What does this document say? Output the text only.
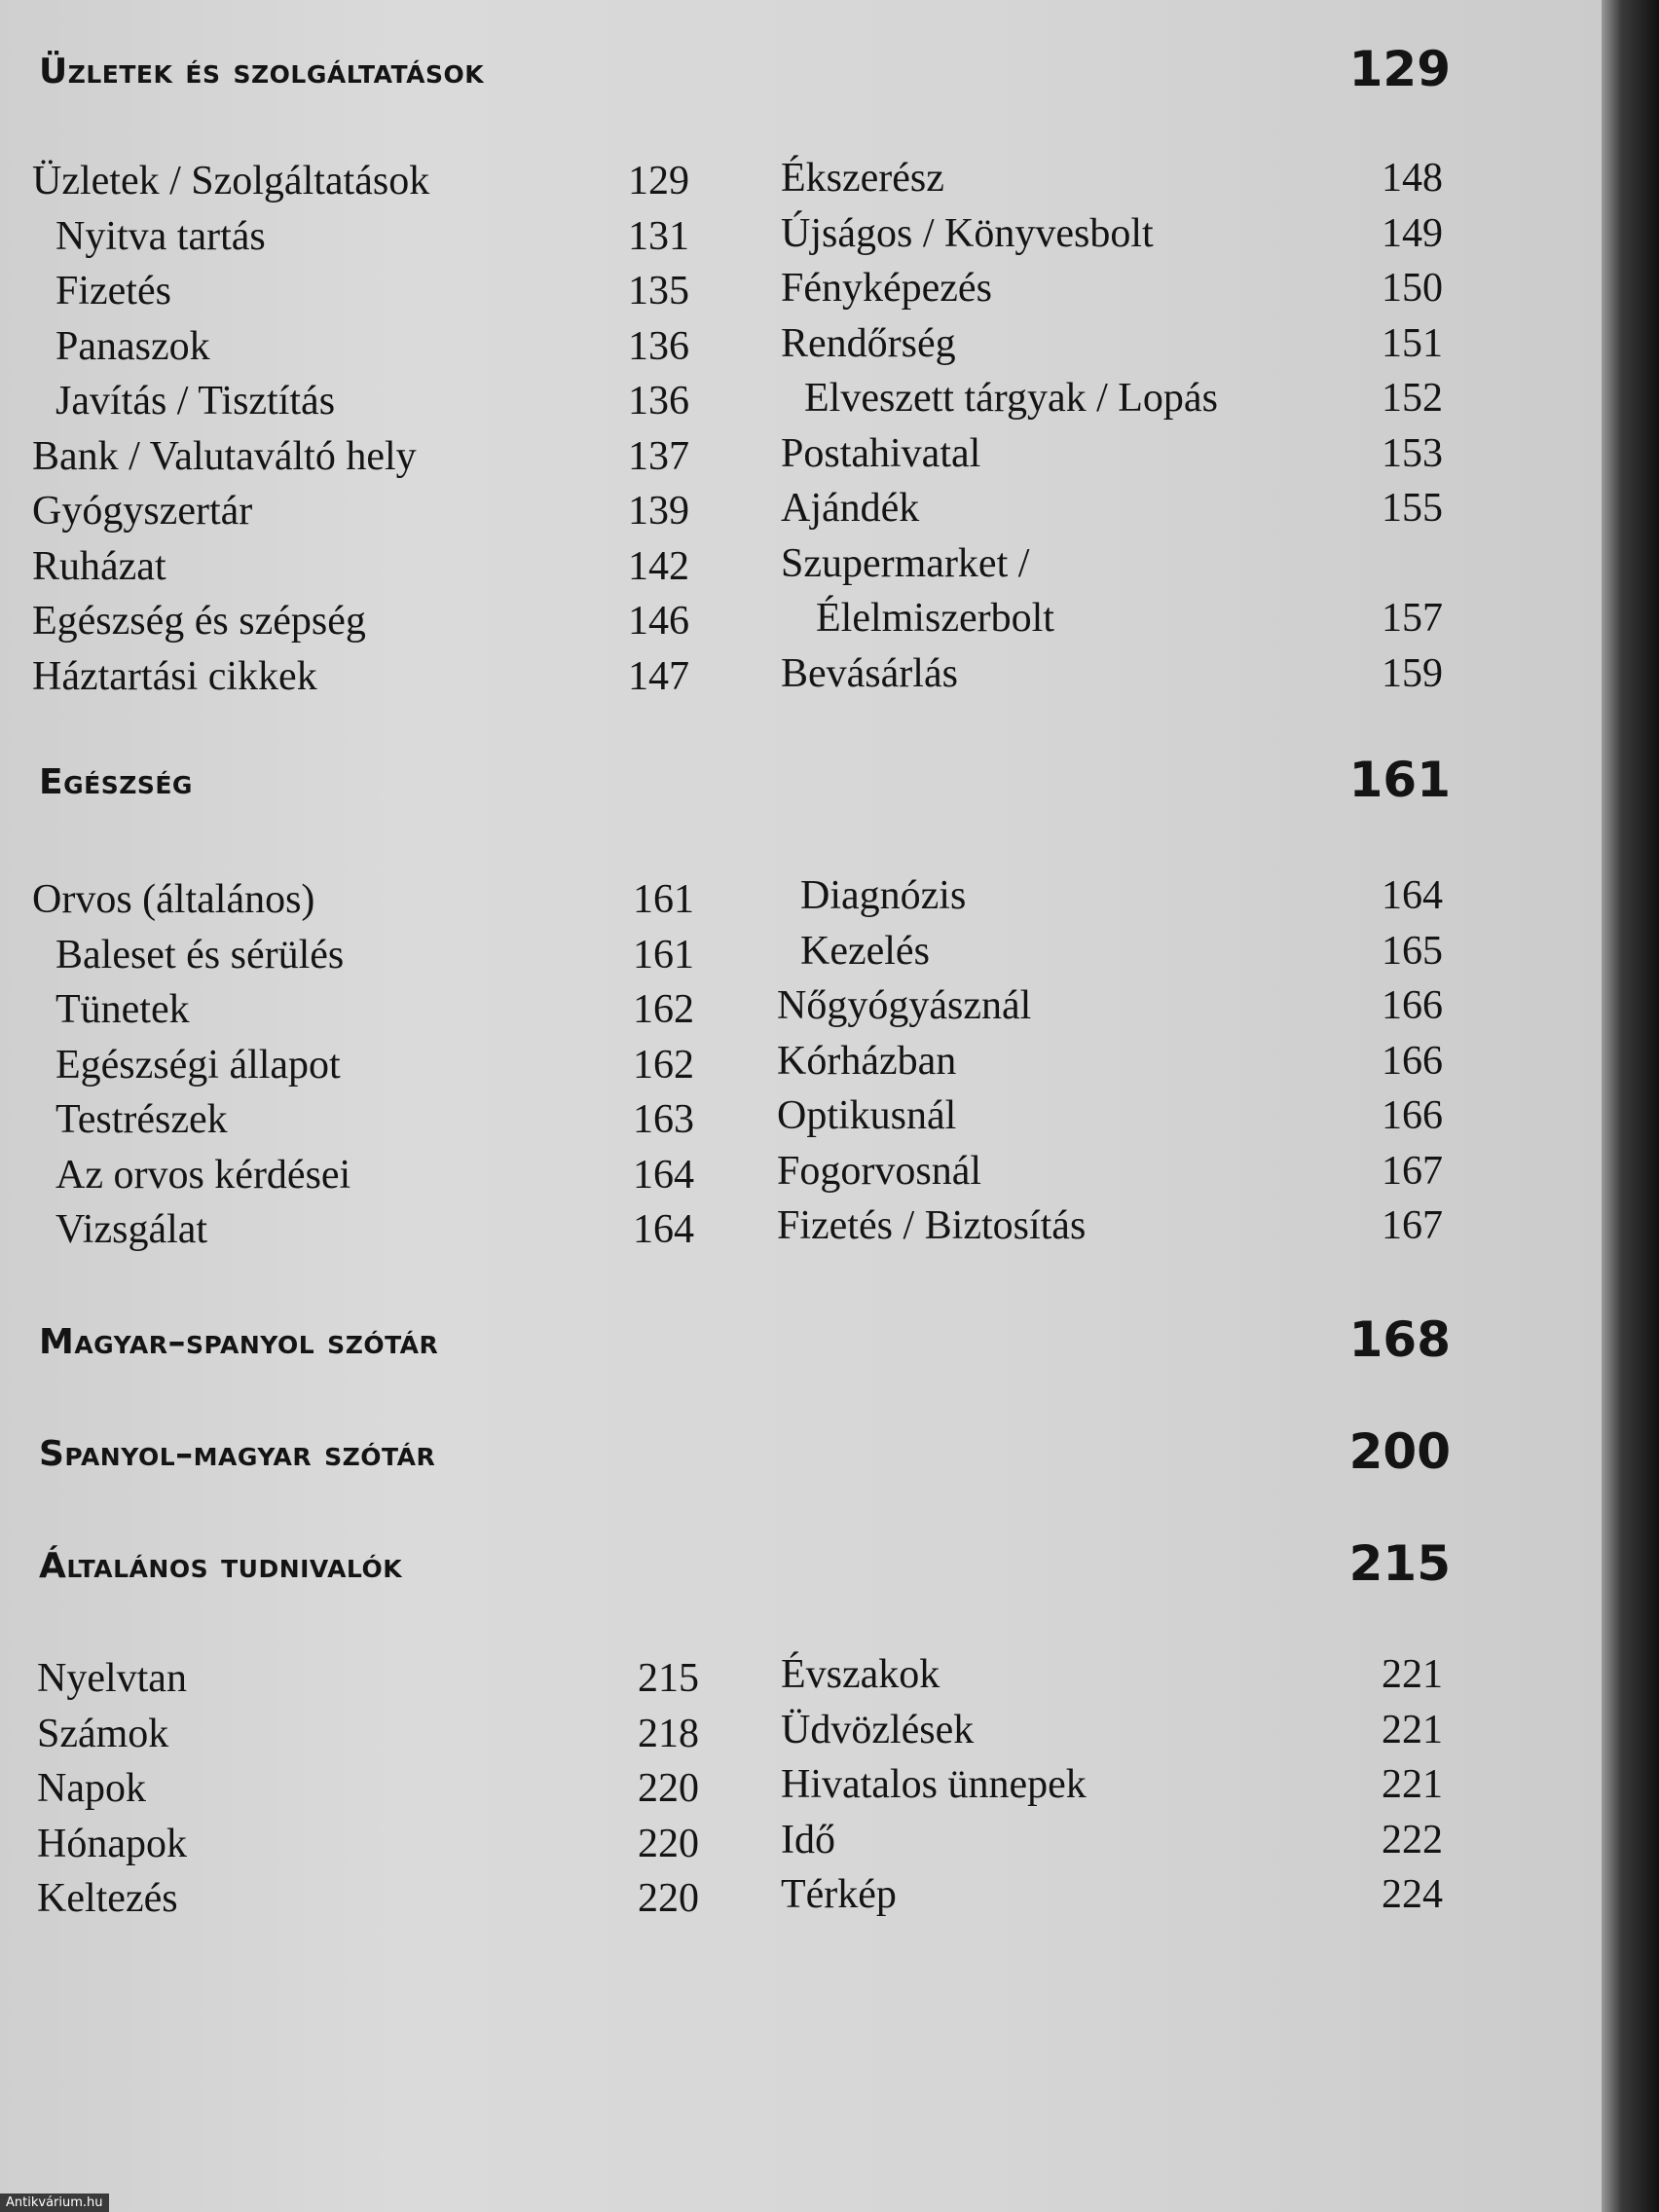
Üzletek és szolgáltatások	129
Üzletek / Szolgáltatások	129
Nyitva tartás	131
Fizetés	135
Panaszok	136
Javítás / Tisztítás	136
Bank / Valutaváltó hely	137
Gyógyszertár	139
Ruházat	142
Egészség és szépség	146
Háztartási cikkek	147
Ékszerész	148
Újságos / Könyvesbolt	149
Fényképezés	150
Rendőrség	151
Elveszett tárgyak / Lopás	152
Postahivatal	153
Ajándék	155
Szupermarket /
Élelmiszerbolt	157
Bevásárlás	159
Egészség	161
Orvos (általános)	161
Baleset és sérülés	161
Tünetek	162
Egészségi állapot	162
Testrészek	163
Az orvos kérdései	164
Vizsgálat	164
Diagnózis	164
Kezelés	165
Nőgyógyásznál	166
Kórházban	166
Optikusnál	166
Fogorvosnál	167
Fizetés / Biztosítás	167
Magyar–spanyol szótár	168
Spanyol–magyar szótár	200
Általános tudnivalók	215
Nyelvtan	215
Számok	218
Napok	220
Hónapok	220
Keltezés	220
Évszakok	221
Üdvözlések	221
Hivatalos ünnepek	221
Idő	222
Térkép	224
Antikvárium.hu
